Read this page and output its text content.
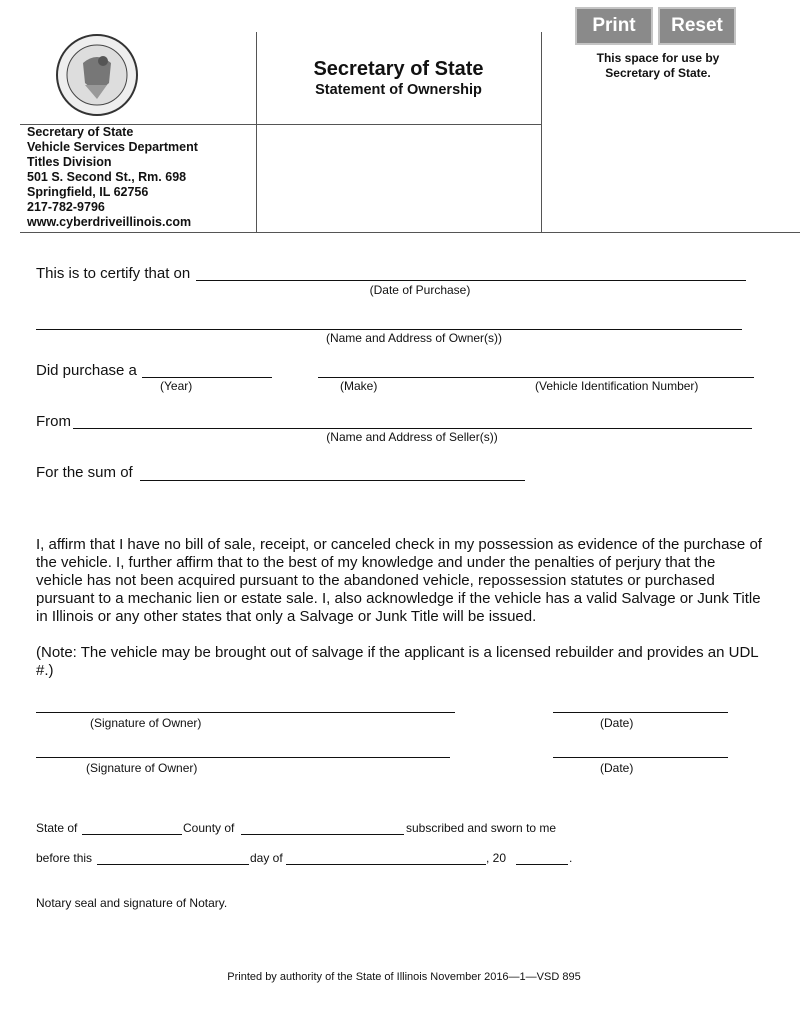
Secretary of State
Statement of Ownership
Print	Reset
This space for use by
Secretary of State.
Secretary of State
Vehicle Services Department
Titles Division
501 S. Second St., Rm. 698
Springfield, IL 62756
217-782-9796
www.cyberdriveillinois.com
This is to certify that on
(Date of Purchase)
(Name and Address of Owner(s))
Did purchase a
(Year)	(Make)	(Vehicle Identification Number)
From
(Name and Address of Seller(s))
For the sum of
I, affirm that I have no bill of sale, receipt, or canceled check in my possession as evidence of the purchase of the vehicle. I, further affirm that to the best of my knowledge and under the penalties of perjury that the vehicle has not been acquired pursuant to the abandoned vehicle, repossession statutes or purchased pursuant to a mechanic lien or estate sale. I, also acknowledge if the vehicle has a valid Salvage or Junk Title in Illinois or any other states that only a Salvage or Junk Title will be issued.
(Note: The vehicle may be brought out of salvage if the applicant is a licensed rebuilder and provides an UDL #.)
(Signature of Owner)	(Date)
(Signature of Owner)	(Date)
State of	County of	subscribed and sworn to me
before this	day of	, 20	.
Notary seal and signature of Notary.
Printed by authority of the State of Illinois November 2016—1—VSD 895
